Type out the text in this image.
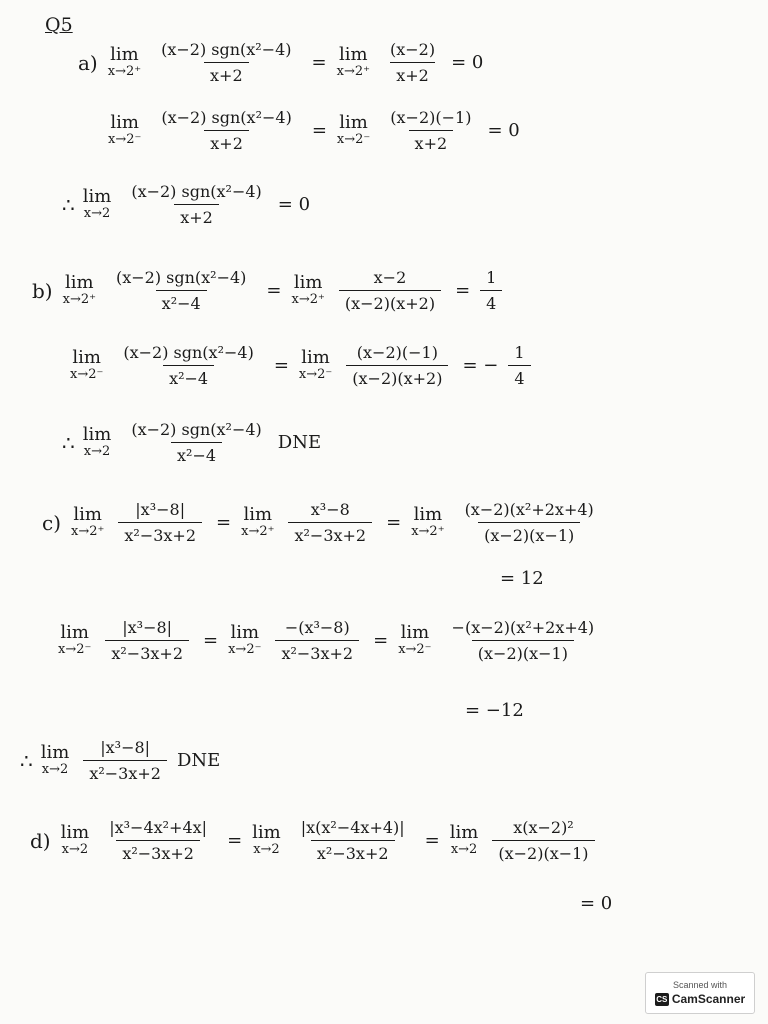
Q5
a) lim
$x\to 2^+ \frac{\text{(x−2) sgn(x²−4)}}{x+2} = \lim$
$x\to 2^+ \frac{(x-2)}{x+2} = 0$
lim
$x\to 2^- \frac{\text{(x−2) sgn(x²−4)}}{x+2} = \lim$
$x\to 2^- \frac{(x-2)(-1)}{x+2} = 0$
∴ lim
$x\to 2 \frac{\text{(x−2) sgn(x²−4)}}{x+2} = 0$
b) lim
$x\to 2^+ \frac{\text{(x−2) sgn(x²−4)}}{\text{x²−4}} = \lim$
$x\to 2^+ \frac{x-2}{(x-2)(x+2)} = \frac{1}{4}$
lim
$x\to 2^- \frac{\text{(x−2) sgn(x²−4)}}{\text{x²−4}} = \lim$
$x\to 2^- \frac{(x-2)(-1)}{(x-2)(x+2)}$ = − $\frac{1}{4}$
∴ lim
$x\to 2 \frac{\text{(x−2) sgn(x²−4)}}{\text{x²−4}}$ DNE
c) lim
$x\to 2^+ \frac{\text{|x³−8|}}{\text{x²−3x+2}} = \lim$
$x\to 2^+ \frac{\text{x³−8}}{\text{x²−3x+2}} = \lim$
$x\to 2^+ \frac{\text{(x−2)(x²+2x+4)}}{(x-2)(x-1)}$
= 12
lim
$x\to 2^- \frac{\text{|x³−8|}}{\text{x²−3x+2}} = \lim$
$x\to 2^- \frac{\text{−(x³−8)}}{\text{x²−3x+2}} = \lim$
$x\to 2^- \frac{\text{−(x−2)(x²+2x+4)}}{(x-2)(x-1)}$
= −12
∴ lim
$x\to 2 \frac{\text{|x³−8|}}{\text{x²−3x+2}}$ DNE
d) lim
$x\to 2 \frac{\text{|x³−4x²+4x|}}{\text{x²−3x+2}} = \lim$
$x\to 2 \frac{\text{|x(x²−4x+4)|}}{\text{x²−3x+2}} = \lim$
$x\to 2 \frac{\text{x(x−2)²}}{(x-2)(x-1)}$
= 0
Scanned with
CS CamScanner
